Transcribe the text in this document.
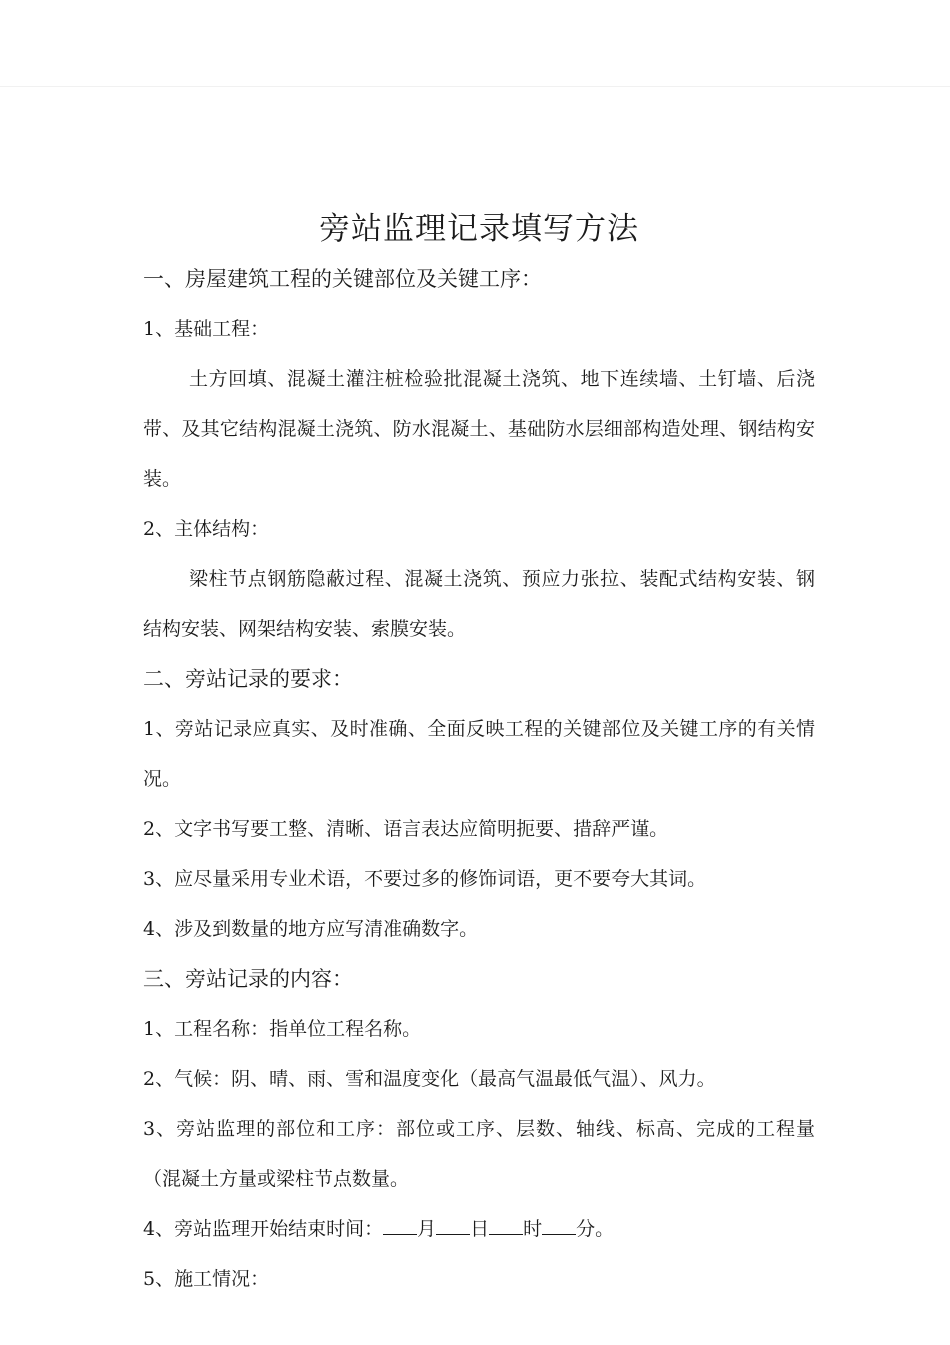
旁站监理记录填写方法
一、房屋建筑工程的关键部位及关键工序：
1、基础工程：

土方回填、混凝土灌注桩检验批混凝土浇筑、地下连续墙、土钉墙、后浇带、及其它结构混凝土浇筑、防水混凝土、基础防水层细部构造处理、钢结构安装。

2、主体结构：

梁柱节点钢筋隐蔽过程、混凝土浇筑、预应力张拉、装配式结构安装、钢结构安装、网架结构安装、索膜安装。

二、旁站记录的要求：

1、旁站记录应真实、及时准确、全面反映工程的关键部位及关键工序的有关情况。

2、文字书写要工整、清晰、语言表达应简明扼要、措辞严谨。
3、应尽量采用专业术语，不要过多的修饰词语，更不要夸大其词。
4、涉及到数量的地方应写清准确数字。
三、旁站记录的内容：
1、工程名称：指单位工程名称。
2、气候：阴、晴、雨、雪和温度变化（最高气温最低气温）、风力。

3、旁站监理的部位和工序：部位或工序、层数、轴线、标高、完成的工程量（混凝土方量或梁柱节点数量。

4、旁站监理开始结束时间： 月 日 时 分。
5、施工情况：
